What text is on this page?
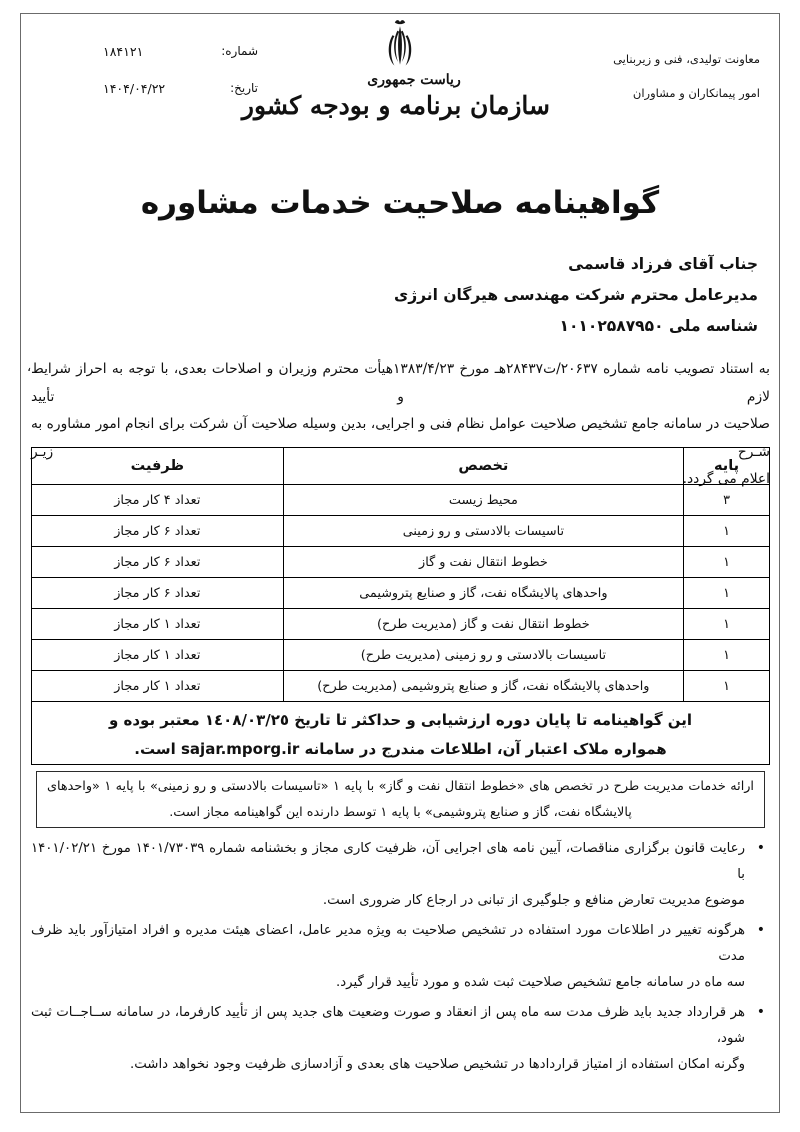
معاونت تولیدی، فنی و زیربنایی
امور پیمانکاران و مشاوران
ریاست جمهوری
سازمان برنامه و بودجه کشور
شماره:
۱۸۴۱۲۱
تاریخ:
۱۴۰۴/۰۴/۲۲
گواهینامه صلاحیت خدمات مشاوره
جناب آقای فرزاد قاسمی
مدیرعامل محترم شرکت مهندسی هیرگان انرژی
شناسه ملی ۱۰۱۰۲۵۸۷۹۵۰
، به استناد تصویب نامه شماره ۲۰۶۳۷/ت۲۸۴۳۷هـ مورخ ۱۳۸۳/۴/۲۳هیأت محترم وزیران و اصلاحات بعدی، با توجه به احراز شرایط لازم و تأیید
صلاحیت در سامانه جامع تشخیص صلاحیت عوامل نظام فنی و اجرایی، بدین وسیله صلاحیت آن شرکت برای انجام امور مشاوره به شـرح زیـر
اعلام می گردد.
پایه	تخصص	ظرفیت
۳	محیط زیست	تعداد ۴ کار مجاز
۱	تاسیسات بالادستی و رو زمینی	تعداد ۶ کار مجاز
۱	خطوط انتقال نفت و گاز	تعداد ۶ کار مجاز
۱	واحدهای پالایشگاه نفت، گاز و صنایع پتروشیمی	تعداد ۶ کار مجاز
۱	خطوط انتقال نفت و گاز (مدیریت طرح)	تعداد ۱ کار مجاز
۱	تاسیسات بالادستی و رو زمینی (مدیریت طرح)	تعداد ۱ کار مجاز
۱	واحدهای پالایشگاه نفت، گاز و صنایع پتروشیمی (مدیریت طرح)	تعداد ۱ کار مجاز
این گواهینامه تا پایان دوره ارزشیابی و حداکثر تا تاریخ ١٤٠٨/٠٣/٢٥ معتبر بوده و
همواره ملاک اعتبار آن، اطلاعات مندرج در سامانه sajar.mporg.ir است.
ارائه خدمات مدیریت طرح در تخصص های «خطوط انتقال نفت و گاز» با پایه ۱ «تاسیسات بالادستی و رو زمینی» با پایه ۱ «واحدهای
پالایشگاه نفت، گاز و صنایع پتروشیمی» با پایه ۱ توسط دارنده این گواهینامه مجاز است.
•
رعایت قانون برگزاری مناقصات، آیین نامه های اجرایی آن، ظرفیت کاری مجاز و بخشنامه شماره ۱۴۰۱/۷۳۰۳۹ مورخ ۱۴۰۱/۰۲/۲۱ با
موضوع مدیریت تعارض منافع و جلوگیری از تبانی در ارجاع کار ضروری است.
•
هرگونه تغییر در اطلاعات مورد استفاده در تشخیص صلاحیت به ویژه مدیر عامل، اعضای هیئت مدیره و افراد امتیازآور باید ظرف مدت
سه ماه در سامانه جامع تشخیص صلاحیت ثبت شده و مورد تأیید قرار گیرد.
•
هر قرارداد جدید باید ظرف مدت سه ماه پس از انعقاد و صورت وضعیت های جدید پس از تأیید کارفرما، در سامانه ســاجــات ثبت شود،
وگرنه امکان استفاده از امتیاز قراردادها در تشخیص صلاحیت های بعدی و آزادسازی ظرفیت وجود نخواهد داشت.
